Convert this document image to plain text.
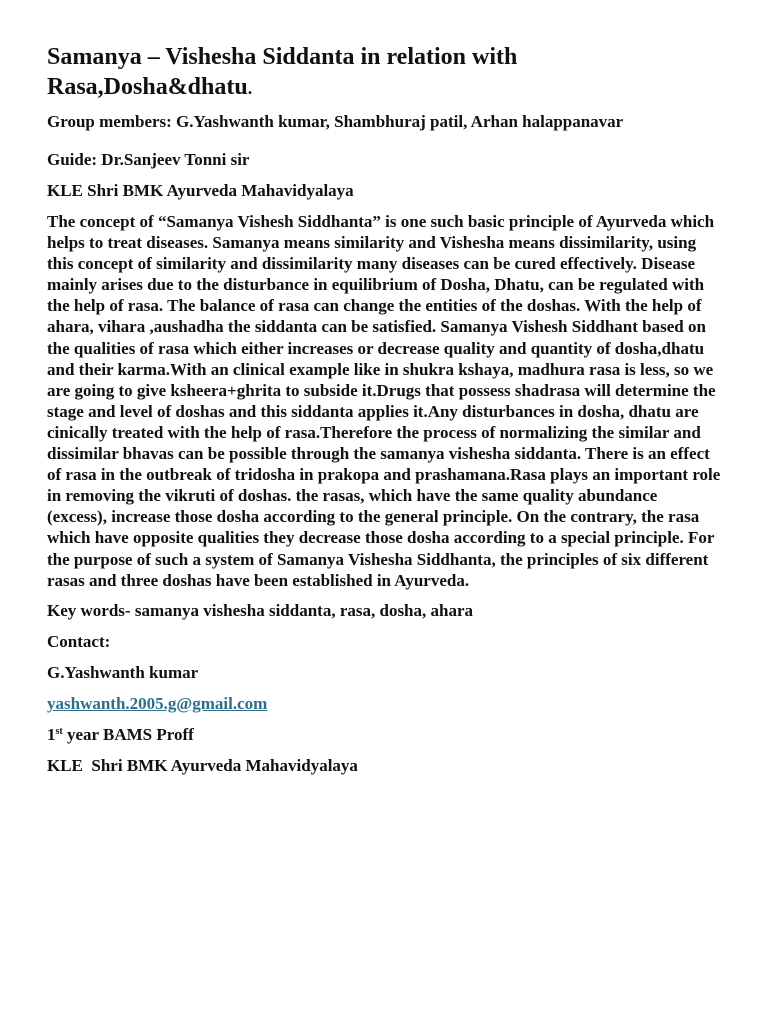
Samanya – Vishesha Siddanta in relation with
Rasa,Dosha&dhatu.

Group members: G.Yashwanth kumar, Shambhuraj patil, Arhan halappanavar

Guide: Dr.Sanjeev Tonni sir

KLE Shri BMK Ayurveda Mahavidyalaya

The concept of “Samanya Vishesh Siddhanta” is one such basic principle of Ayurveda which helps to treat diseases. Samanya means similarity and Vishesha means dissimilarity, using this concept of similarity and dissimilarity many diseases can be cured effectively. Disease mainly arises due to the disturbance in equilibrium of Dosha, Dhatu, can be regulated with the help of rasa. The balance of rasa can change the entities of the doshas. With the help of ahara, vihara ,aushadha the siddanta can be satisfied. Samanya Vishesh Siddhant based on the qualities of rasa which either increases or decrease quality and quantity of dosha,dhatu and their karma.With an clinical example like in shukra kshaya, madhura rasa is less, so we are going to give ksheera+ghrita to subside it.Drugs that possess shadrasa will determine the stage and level of doshas and this siddanta applies it.Any disturbances in dosha, dhatu are cinically treated with the help of rasa.Therefore the process of normalizing the similar and dissimilar bhavas can be possible through the samanya vishesha siddanta. There is an effect of rasa in the outbreak of tridosha in prakopa and prashamana.Rasa plays an important role in removing the vikruti of doshas. the rasas, which have the same quality abundance (excess), increase those dosha according to the general principle. On the contrary, the rasa which have opposite qualities they decrease those dosha according to a special principle. For the purpose of such a system of Samanya Vishesha Siddhanta, the principles of six different rasas and three doshas have been established in Ayurveda.

Key words- samanya vishesha siddanta, rasa, dosha, ahara

Contact:

G.Yashwanth kumar

yashwanth.2005.g@gmail.com

1st year BAMS Proff

KLE  Shri BMK Ayurveda Mahavidyalaya
